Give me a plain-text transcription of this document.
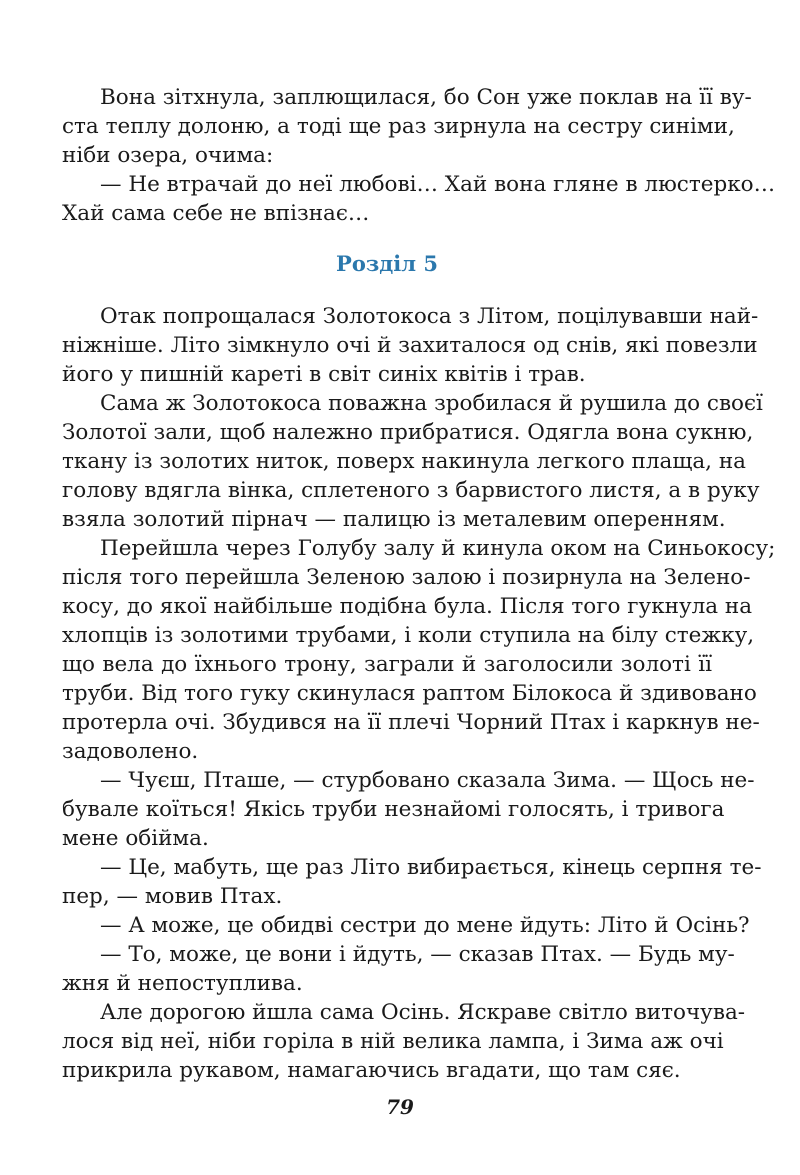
Вона зітхнула, заплющилася, бо Сон уже поклав на її ву-
ста теплу долоню, а тоді ще раз зирнула на сестру синіми,
ніби озера, очима:
— Не втрачай до неї любові… Хай вона гляне в люстерко…
Хай сама себе не впізнає…
Розділ 5
Отак попрощалася Золотокоса з Літом, поцілувавши най-
ніжніше. Літо зімкнуло очі й захиталося од снів, які повезли
його у пишній кареті в світ синіх квітів і трав.
Сама ж Золотокоса поважна зробилася й рушила до своєї
Золотої зали, щоб належно прибратися. Одягла вона сукню,
ткану із золотих ниток, поверх накинула легкого плаща, на
голову вдягла вінка, сплетеного з барвистого листя, а в руку
взяла золотий пірнач — палицю із металевим оперенням.
Перейшла через Голубу залу й кинула оком на Синьокосу;
після того перейшла Зеленою залою і позирнула на Зелено-
косу, до якої найбільше подібна була. Після того гукнула на
хлопців із золотими трубами, і коли ступила на білу стежку,
що вела до їхнього трону, заграли й заголосили золоті її
труби. Від того гуку скинулася раптом Білокоса й здивовано
протерла очі. Збудився на її плечі Чорний Птах і каркнув не-
задоволено.
— Чуєш, Пташе, — стурбовано сказала Зима. — Щось не-
бувале коїться! Якісь труби незнайомі голосять, і тривога
мене обійма.
— Це, мабуть, ще раз Літо вибирається, кінець серпня те-
пер, — мовив Птах.
— А може, це обидві сестри до мене йдуть: Літо й Осінь?
— То, може, це вони і йдуть, — сказав Птах. — Будь му-
жня й непоступлива.
Але дорогою йшла сама Осінь. Яскраве світло виточува-
лося від неї, ніби горіла в ній велика лампа, і Зима аж очі
прикрила рукавом, намагаючись вгадати, що там сяє.
79
